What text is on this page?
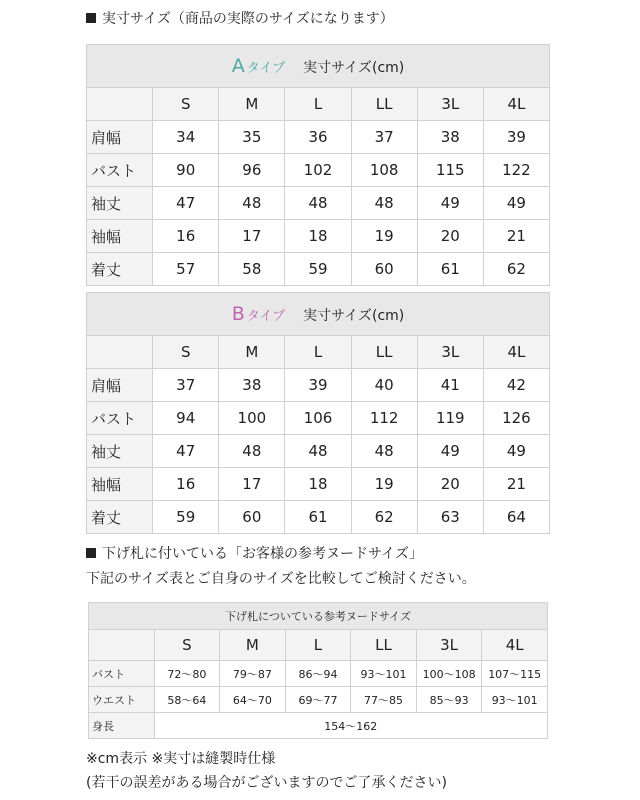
実寸サイズ（商品の実際のサイズになります）
A タイプ 実寸サイズ(cm)						
	S	M	L	LL	3L	4L
肩幅	34	35	36	37	38	39
バスト	90	96	102	108	115	122
袖丈	47	48	48	48	49	49
袖幅	16	17	18	19	20	21
着丈	57	58	59	60	61	62
B タイプ 実寸サイズ(cm)						
	S	M	L	LL	3L	4L
肩幅	37	38	39	40	41	42
バスト	94	100	106	112	119	126
袖丈	47	48	48	48	49	49
袖幅	16	17	18	19	20	21
着丈	59	60	61	62	63	64
下げ札に付いている「お客様の参考ヌードサイズ」
下記のサイズ表とご自身のサイズを比較してご検討ください。
下げ札についている参考ヌードサイズ						
	S	M	L	LL	3L	4L
バスト	72～80	79～87	86～94	93～101	100～108	107～115
ウエスト	58～64	64～70	69～77	77～85	85～93	93～101
身長	154～162					
※cm表示 ※実寸は縫製時仕様
(若干の誤差がある場合がございますのでご了承ください)
